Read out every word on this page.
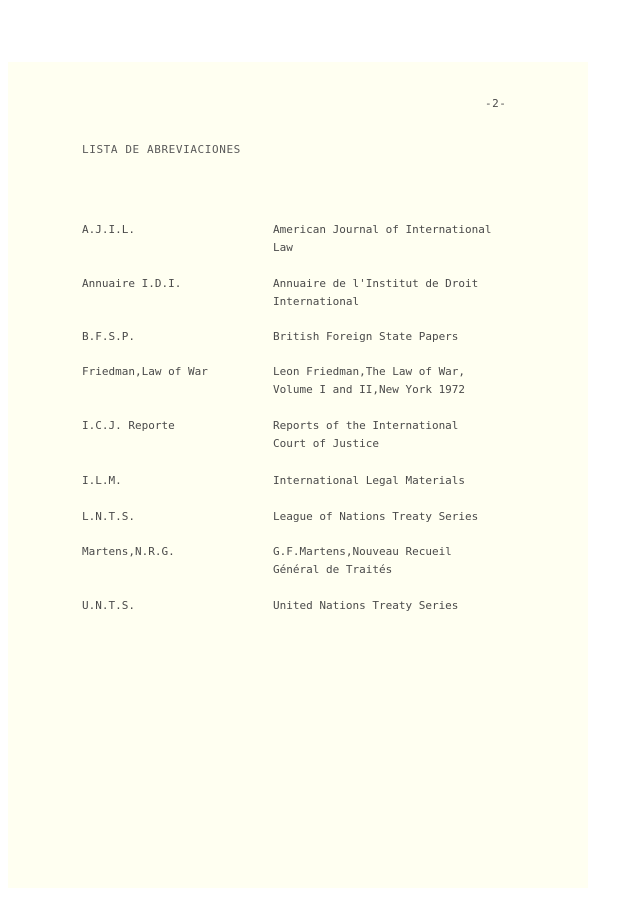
-2-
LISTA DE ABREVIACIONES
A.J.I.L.	American Journal of International
Law
Annuaire I.D.I.	Annuaire de l'Institut de Droit
International
B.F.S.P.	British Foreign State Papers
Friedman,Law of War	Leon Friedman,The Law of War,
Volume I and II,New York 1972
I.C.J. Reporte	Reports of the International
Court of Justice
I.L.M.	International Legal Materials
L.N.T.S.	League of Nations Treaty Series
Martens,N.R.G.	G.F.Martens,Nouveau Recueil
Général de Traités
U.N.T.S.	United Nations Treaty Series
